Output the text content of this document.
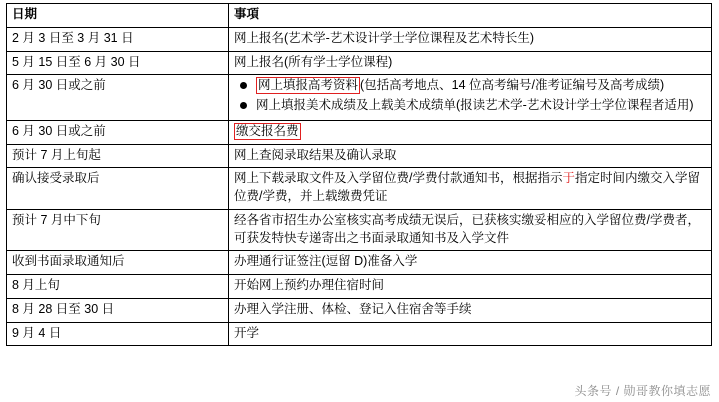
日期	事項
2 月 3 日至 3 月 31 日	网上报名(艺术学-艺术设计学士学位课程及艺术特长生)
5 月 15 日至 6 月 30 日	网上报名(所有学士学位课程)
6 月 30 日或之前	网上填报高考资料 (包括高考地点、14 位高考编号/准考证编号及高考成绩)
网上填报美术成绩及上载美术成绩单(报读艺术学-艺术设计学士学位课程者适用)

6 月 30 日或之前	缴交报名费
预计 7 月上旬起	网上查阅录取结果及确认录取
确认接受录取后	网上下载录取文件及入学留位费/学费付款通知书，根据指示于指定时间内缴交入学留位费/学费，并上载缴费凭证
预计 7 月中下旬	经各省市招生办公室核实高考成绩无误后，已获核实缴妥相应的入学留位费/学费者，可获发特快专递寄出之书面录取通知书及入学文件
收到书面录取通知后	办理通行证签注(逗留 D)准备入学
8 月上旬	开始网上预约办理住宿时间
8 月 28 日至 30 日	办理入学注册、体检、登记入住宿舍等手续
9 月 4 日	开学
头条号 / 勋哥教你填志愿
